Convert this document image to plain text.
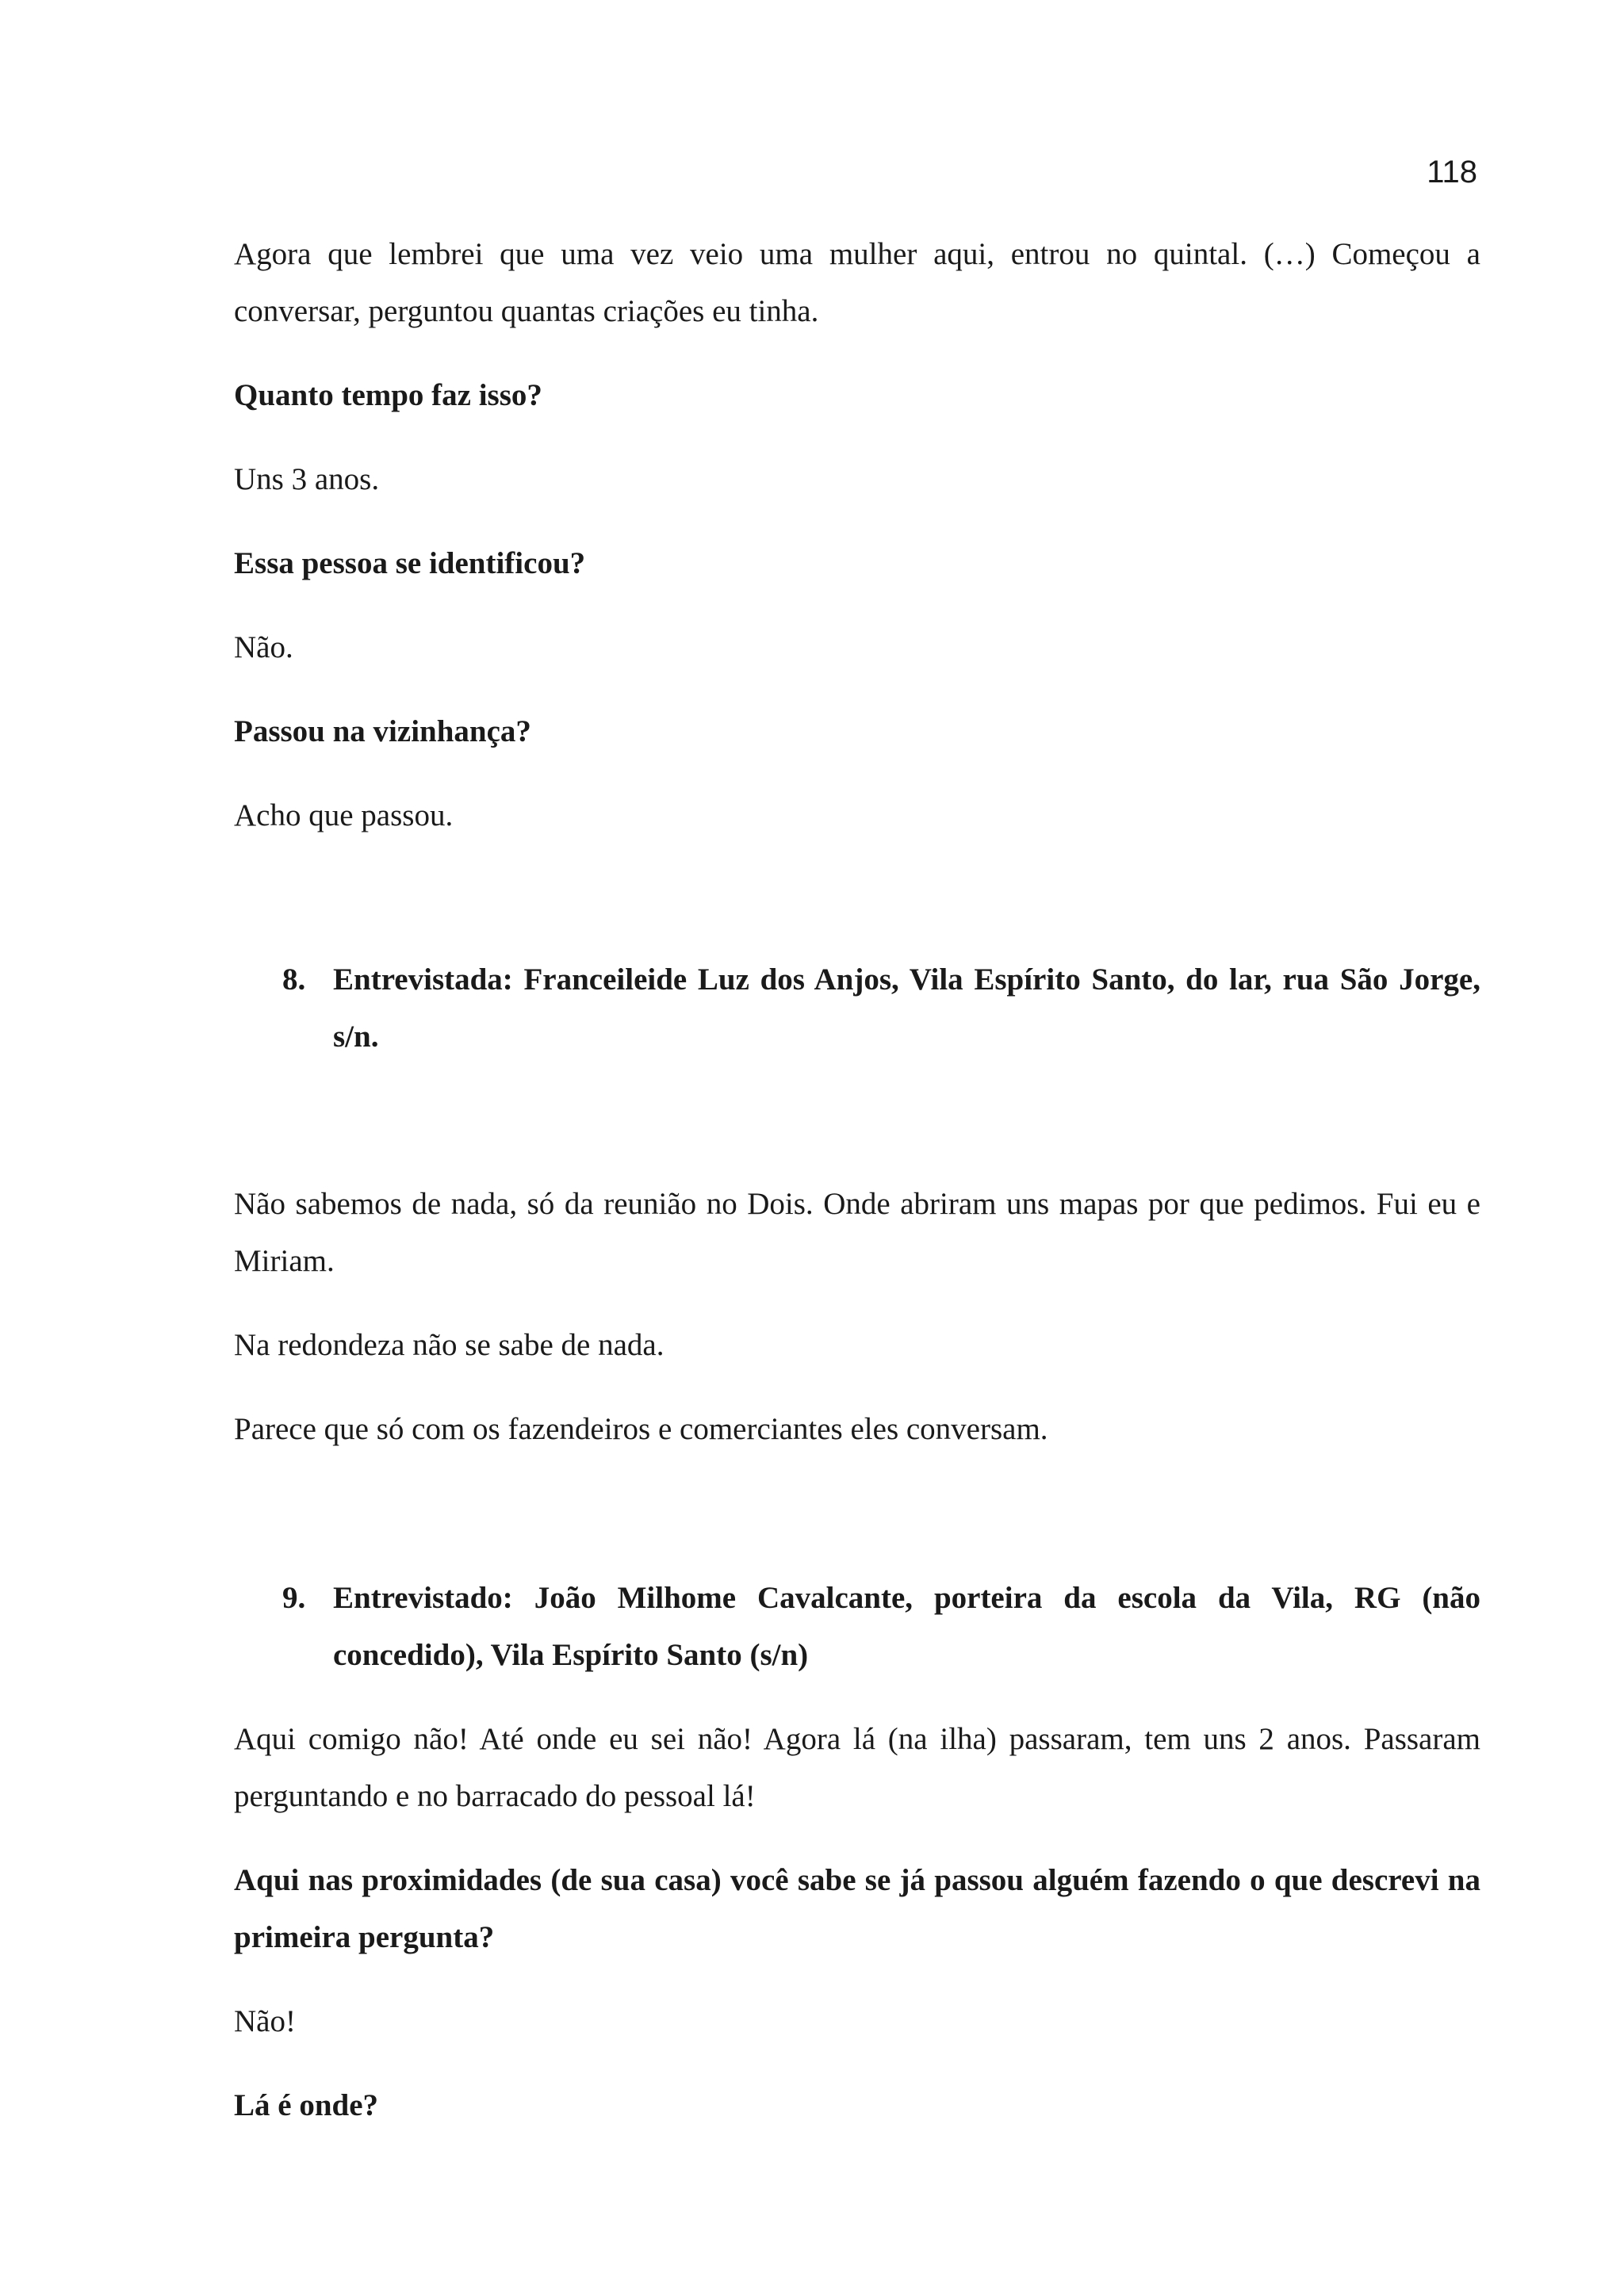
118

Agora que lembrei que uma vez veio uma mulher aqui, entrou no quintal. (…) Começou a conversar, perguntou quantas criações eu tinha.

Quanto tempo faz isso?

Uns 3 anos.

Essa pessoa se identificou?

Não.

Passou na vizinhança?

Acho que passou.

8. Entrevistada: Franceileide Luz dos Anjos, Vila Espírito Santo, do lar, rua São Jorge, s/n.

Não sabemos de nada, só da reunião no Dois. Onde abriram uns mapas por que pedimos. Fui eu e Miriam.

Na redondeza não se sabe de nada.

Parece que só com os fazendeiros e comerciantes eles conversam.

9. Entrevistado: João Milhome Cavalcante, porteira da escola da Vila, RG (não concedido), Vila Espírito Santo (s/n)

Aqui comigo não! Até onde eu sei não! Agora lá (na ilha) passaram, tem uns 2 anos. Passaram perguntando e no barracado do pessoal lá!

Aqui nas proximidades (de sua casa) você sabe se já passou alguém fazendo o que descrevi na primeira pergunta?

Não!

Lá é onde?
